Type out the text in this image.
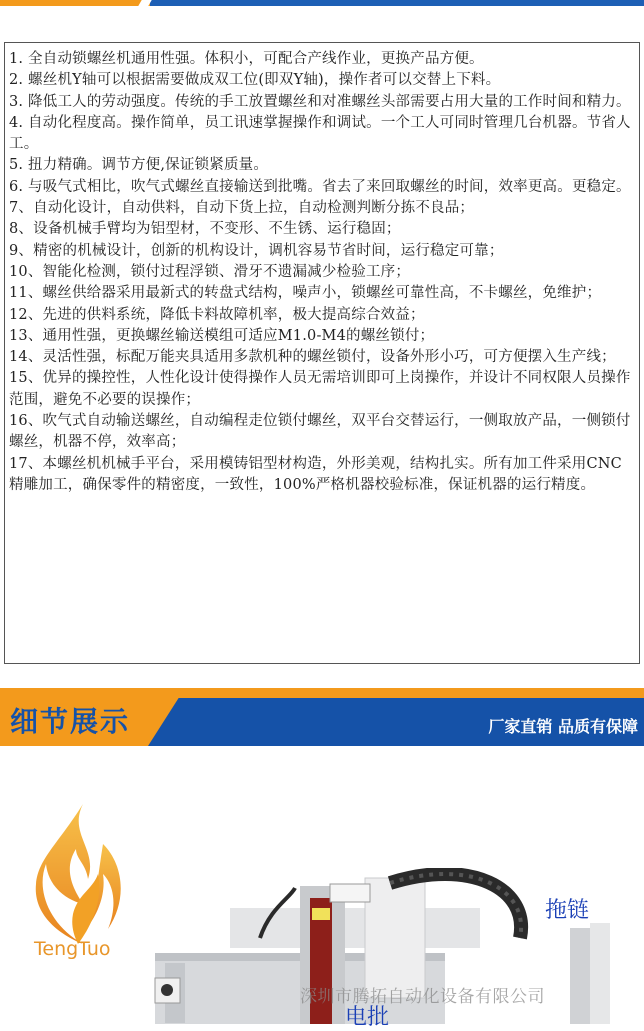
1. 全自动锁螺丝机通用性强。体积小，可配合产线作业，更换产品方便。
2. 螺丝机Y轴可以根据需要做成双工位(即双Y轴)，操作者可以交替上下料。
3. 降低工人的劳动强度。传统的手工放置螺丝和对准螺丝头部需要占用大量的工作时间和精力。
4. 自动化程度高。操作简单，员工讯速掌握操作和调试。一个工人可同时管理几台机器。节省人工。
5. 扭力精确。调节方便,保证锁紧质量。
6. 与吸气式相比，吹气式螺丝直接输送到批嘴。省去了来回取螺丝的时间，效率更高。更稳定。
7、自动化设计，自动供料，自动下货上拉，自动检测判断分拣不良品；
8、设备机械手臂均为铝型材，不变形、不生锈、运行稳固；
9、精密的机械设计，创新的机构设计，调机容易节省时间，运行稳定可靠；
10、智能化检测，锁付过程浮锁、滑牙不遗漏减少检验工序；
11、螺丝供给器采用最新式的转盘式结构，噪声小，锁螺丝可靠性高，不卡螺丝，免维护；
12、先进的供料系统，降低卡料故障机率，极大提高综合效益；
13、通用性强，更换螺丝输送模组可适应M1.0-M4的螺丝锁付；
14、灵活性强，标配万能夹具适用多款机种的螺丝锁付，设备外形小巧，可方便摆入生产线；
15、优异的操控性，人性化设计使得操作人员无需培训即可上岗操作，并设计不同权限人员操作范围，避免不必要的误操作；
16、吹气式自动输送螺丝，自动编程走位锁付螺丝，双平台交替运行，一侧取放产品，一侧锁付螺丝，机器不停，效率高；
17、本螺丝机机械手平台，采用模铸铝型材构造，外形美观，结构扎实。所有加工件采用CNC精雕加工，确保零件的精密度，一致性，100%严格机器校验标准，保证机器的运行精度。
细节展示	厂家直销 品质有保障
TengTuo
拖链
深圳市腾拓自动化设备有限公司
电批
